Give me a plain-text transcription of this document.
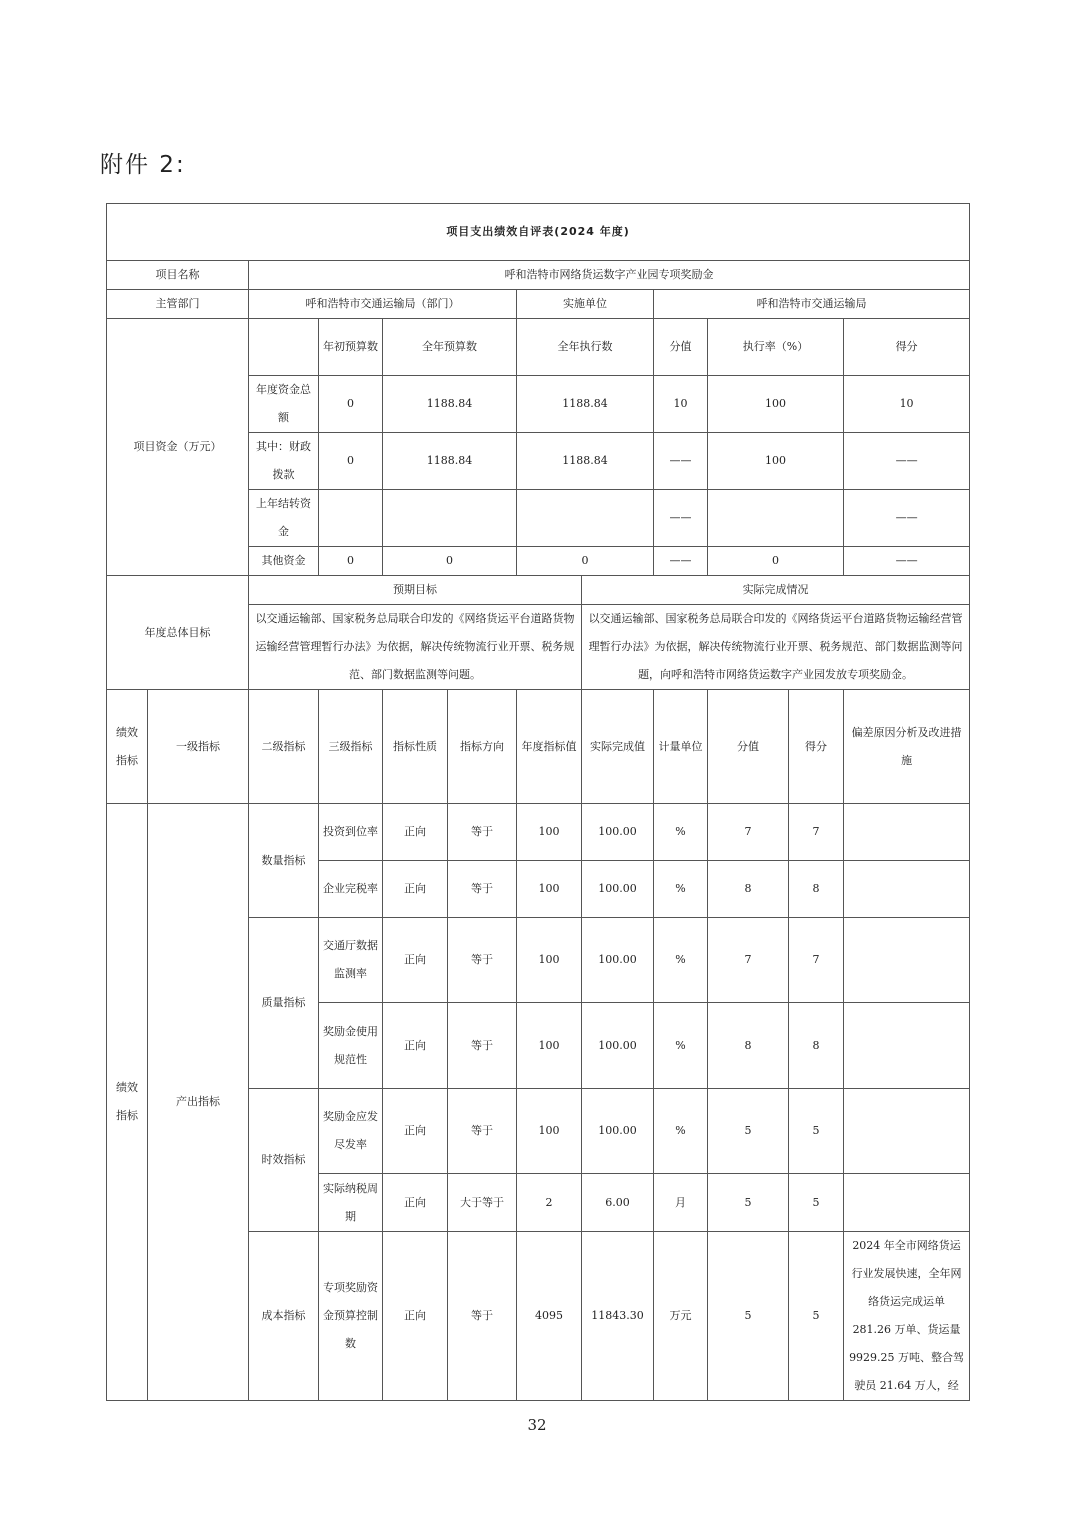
附件 2:
项目支出绩效自评表(2024 年度)											
项目名称		呼和浩特市网络货运数字产业园专项奖励金									
主管部门		呼和浩特市交通运输局（部门）				实施单位		呼和浩特市交通运输局			
项目资金（万元）			年初预算数	全年预算数		全年执行数		分值	执行率（%）		得分
		年度资金总额	0	1188.84		1188.84		10	100		10
		其中：财政拨款	0	1188.84		1188.84		——	100		——
		上年结转资金						——			——
		其他资金	0	0		0		——	0		——

年度总体目标		预期目标					实际完成情况				
		以交通运输部、国家税务总局联合印发的《网络货运平台道路货物运输经营管理暂行办法》为依据，解决传统物流行业开票、税务规范、部门数据监测等问题。					以交通运输部、国家税务总局联合印发的《网络货运平台道路货物运输经营管理暂行办法》为依据，解决传统物流行业开票、税务规范、部门数据监测等问题，向呼和浩特市网络货运数字产业园发放专项奖励金。				
绩效指标	一级指标	二级指标	三级指标	指标性质	指标方向	年度指标值	实际完成值	计量单位	分值	得分	偏差原因分析及改进措施
绩效指标	产出指标	数量指标	投资到位率	正向	等于	100	100.00	%	7	7	
			企业完税率	正向	等于	100	100.00	%	8	8	
		质量指标	交通厅数据监测率	正向	等于	100	100.00	%	7	7	
			奖励金使用规范性	正向	等于	100	100.00	%	8	8	
		时效指标	奖励金应发尽发率	正向	等于	100	100.00	%	5	5	
			实际纳税周期	正向	大于等于	2	6.00	月	5	5	
		成本指标	专项奖励资金预算控制数	正向	等于	4095	11843.30	万元	5	5	2024 年全市网络货运行业发展快速，全年网络货运完成运单 281.26 万单、货运量 9929.25 万吨、整合驾驶员 21.64 万人，经
32
